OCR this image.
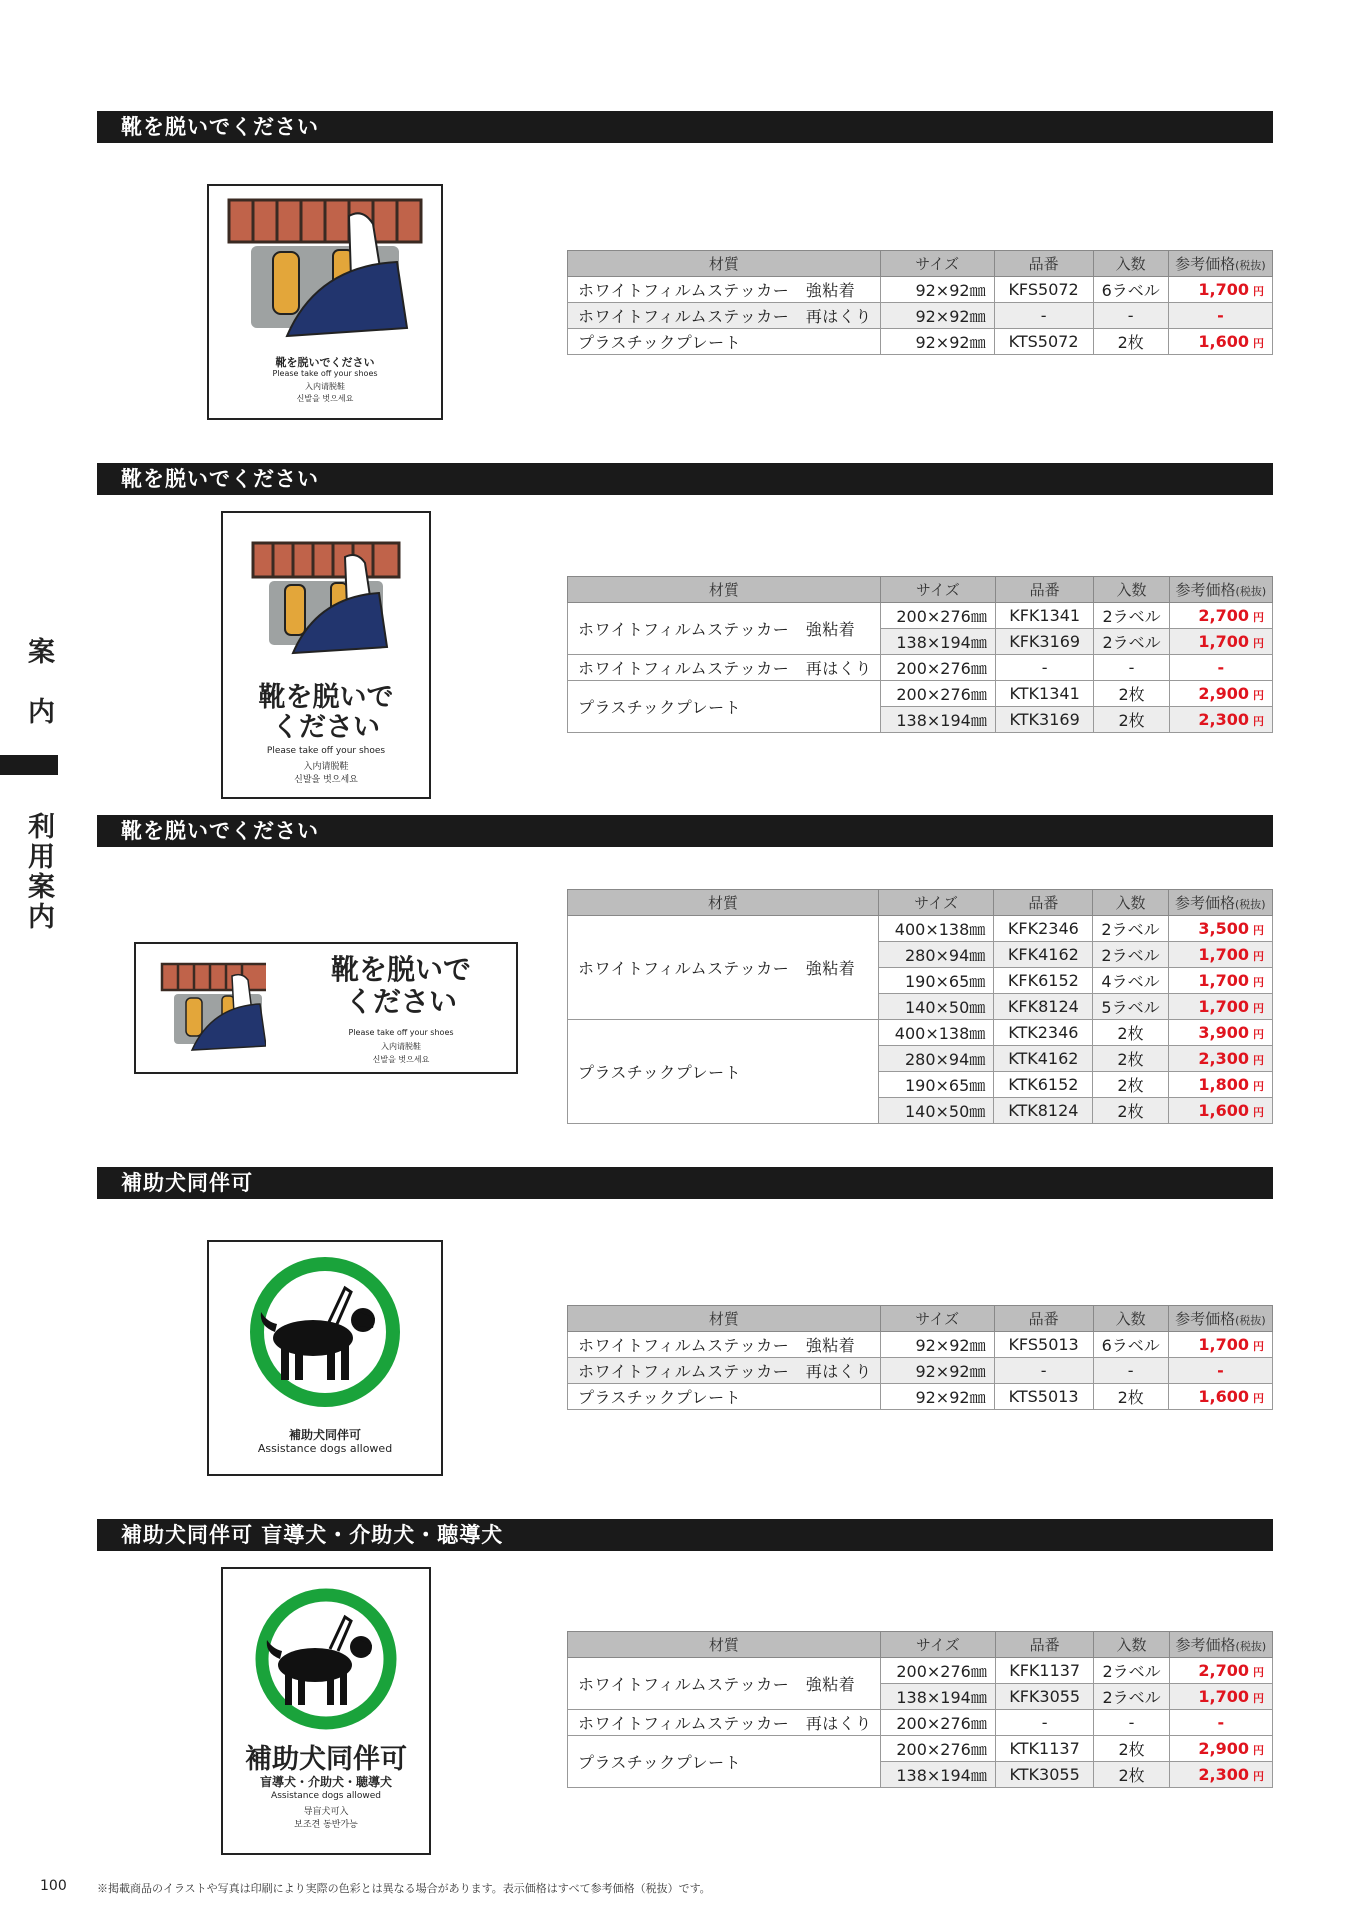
案
内
利
用
案
内
靴を脱いでください
靴を脱いでください
Please take off your shoes
入内请脱鞋
신발을 벗으세요
材質	サイズ	品番	入数	参考価格(税抜)
ホワイトフィルムステッカー　強粘着	92×92㎜	KFS5072	6ラベル	1,700 円
ホワイトフィルムステッカー　再はくり	92×92㎜	-	-	-
プラスチックプレート	92×92㎜	KTS5072	2枚	1,600 円
靴を脱いでください
靴を脱いで
ください
Please take off your shoes
入内请脱鞋
신발을 벗으세요
材質	サイズ	品番	入数	参考価格(税抜)
ホワイトフィルムステッカー　強粘着	200×276㎜	KFK1341	2ラベル	2,700 円
	138×194㎜	KFK3169	2ラベル	1,700 円
ホワイトフィルムステッカー　再はくり	200×276㎜	-	-	-
プラスチックプレート	200×276㎜	KTK1341	2枚	2,900 円
	138×194㎜	KTK3169	2枚	2,300 円
靴を脱いでください
靴を脱いで
ください
Please take off your shoes
入内请脱鞋
신발을 벗으세요
材質	サイズ	品番	入数	参考価格(税抜)
ホワイトフィルムステッカー　強粘着	400×138㎜	KFK2346	2ラベル	3,500 円
	280×94㎜	KFK4162	2ラベル	1,700 円
	190×65㎜	KFK6152	4ラベル	1,700 円
	140×50㎜	KFK8124	5ラベル	1,700 円
プラスチックプレート	400×138㎜	KTK2346	2枚	3,900 円
	280×94㎜	KTK4162	2枚	2,300 円
	190×65㎜	KTK6152	2枚	1,800 円
	140×50㎜	KTK8124	2枚	1,600 円
補助犬同伴可
補助犬同伴可
Assistance dogs allowed
材質	サイズ	品番	入数	参考価格(税抜)
ホワイトフィルムステッカー　強粘着	92×92㎜	KFS5013	6ラベル	1,700 円
ホワイトフィルムステッカー　再はくり	92×92㎜	-	-	-
プラスチックプレート	92×92㎜	KTS5013	2枚	1,600 円
補助犬同伴可 盲導犬・介助犬・聴導犬
補助犬同伴可
盲導犬・介助犬・聴導犬
Assistance dogs allowed
导盲犬可入
보조견 동반가능
材質	サイズ	品番	入数	参考価格(税抜)
ホワイトフィルムステッカー　強粘着	200×276㎜	KFK1137	2ラベル	2,700 円
	138×194㎜	KFK3055	2ラベル	1,700 円
ホワイトフィルムステッカー　再はくり	200×276㎜	-	-	-
プラスチックプレート	200×276㎜	KTK1137	2枚	2,900 円
	138×194㎜	KTK3055	2枚	2,300 円
100	※掲載商品のイラストや写真は印刷により実際の色彩とは異なる場合があります。表示価格はすべて参考価格（税抜）です。
